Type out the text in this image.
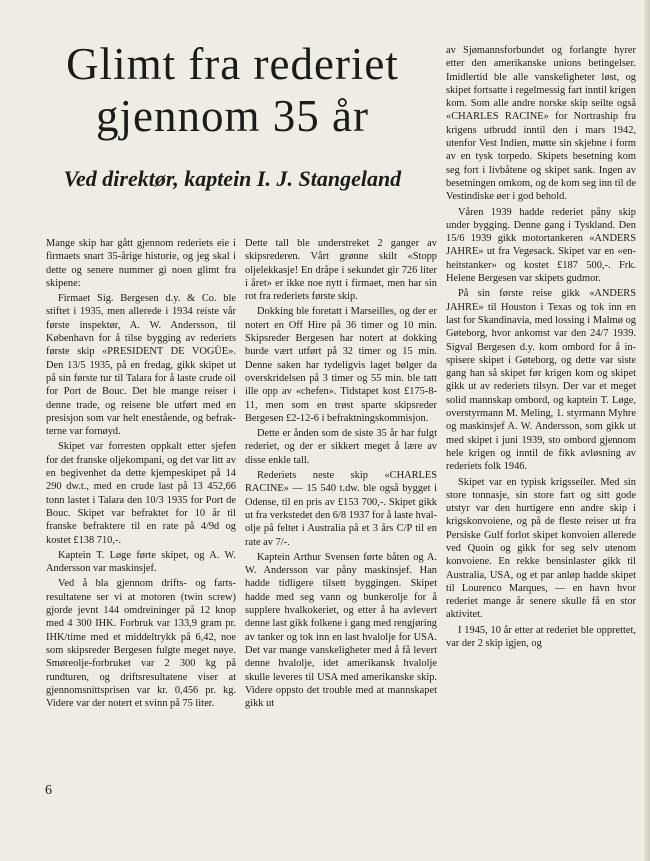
Glimt fra rederiet gjennom 35 år
Ved direktør, kaptein I. J. Stangeland

Mange skip har gått gjennom rederiets eie i firmaets snart 35-årige historie, og jeg skal i dette og senere nummer gi noen glimt fra skipene:

Firmaet Sig. Bergesen d.y. & Co. ble stiftet i 1935, men allerede i 1934 reiste vår første inspektør, A. W. Andersson, til København for å tilse bygging av rederiets første skip «PRESIDENT DE VOGÜE». Den 13/5 1935, på en fredag, gikk skipet ut på sin første tur til Talara for å laste crude oil for Port de Bouc. Det ble mange reiser i denne trade, og reisene ble utført med en presisjon som var helt enestående, og befrakterne var fornøyd.

Skipet var forresten oppkalt etter sjefen for det franske oljekompani, og det var litt av en begivenhet da dette kjempeskipet på 14 290 dw.t., med en crude last på 13 452,66 tonn lastet i Talara den 10/3 1935 for Port de Bouc. Skipet var befraktet for 10 år til franske befraktere til en rate på 4/9d og kostet £138 710,-.

Kaptein T. Løge førte skipet, og A. W. Andersson var maskinsjef.

Ved å bla gjennom drifts- og fartsresultatene ser vi at motoren (twin screw) gjorde jevnt 144 omdreininger på 12 knop med 4 300 IHK. Forbruk var 133,9 gram pr. IHK/time med et middeltrykk på 6,42, noe som skipsreder Bergesen fulgte meget nøye. Smøreolje-forbruket var 2 300 kg på rundturen, og driftsresultatene viser at gjennomsnittsprisen var kr. 0,456 pr. kg. Videre var der notert et svinn på 75 liter.

Dette tall ble understreket 2 ganger av skipsrederen. Vårt grønne skilt «Stopp oljelekkasje! En dråpe i sekundet gir 726 liter i året» er ikke noe nytt i firmaet, men har sin rot fra rederiets første skip.

Dokking ble foretatt i Marseilles, og der er notert en Off Hire på 36 timer og 10 min. Skipsreder Bergesen har notert at dokking burde vært utført på 32 timer og 15 min. Denne saken har tydeligvis laget bølger da overskridelsen på 3 timer og 55 min. ble tatt ille opp av «chefen». Tidstapet kost £175-8-11, men som en trøst sparte skipsreder Bergesen £2-12-6 i befraktningskommisjon.

Dette er ånden som de siste 35 år har fulgt rederiet, og der er sikkert meget å lære av disse enkle tall.

Rederiets neste skip «CHARLES RACINE» — 15 540 t.dw. ble også bygget i Odense, til en pris av £153 700,-. Skipet gikk ut fra verkstedet den 6/8 1937 for å laste hvalolje på feltet i Australia på et 3 års C/P til en rate av 7/-.

Kaptein Arthur Svensen førte båten og A. W. Andersson var påny maskinsjef. Han hadde tidligere tilsett byggingen. Skipet hadde med seg vann og bunkerolje for å supplere hvalkokeriet, og etter å ha avlevert denne last gikk folkene i gang med rengjøring av tanker og tok inn en last hvalolje for USA. Det var mange vanskeligheter med å få levert denne hvalolje, idet amerikansk hvalolje skulle leveres til USA med amerikanske skip. Videre oppsto det trouble med at mannskapet gikk ut

av Sjømannsforbundet og forlangte hyrer etter den amerikanske unions betingelser. Imidlertid ble alle vanskeligheter løst, og skipet fortsatte i regelmessig fart inntil krigen kom. Som alle andre norske skip seilte også «CHARLES RACINE» for Nortraship fra krigens utbrudd inntil den i mars 1942, utenfor Vest Indien, møtte sin skjebne i form av en tysk torpedo. Skipets besetning kom seg fort i livbåtene og skipet sank. Ingen av besetningen omkom, og de kom seg inn til de Vestindiske øer i god behold.

Våren 1939 hadde rederiet påny skip under bygging. Denne gang i Tyskland. Den 15/6 1939 gikk motortankeren «ANDERS JAHRE» ut fra Vegesack. Skipet var en «enheitstanker» og kostet £187 500,-. Frk. Helene Bergesen var skipets gudmor.

På sin første reise gikk «ANDERS JAHRE» til Houston i Texas og tok inn en last for Skandinavia, med lossing i Malmø og Gøteborg, hvor ankomst var den 24/7 1939. Sigval Bergesen d.y. kom ombord for å inspisere skipet i Gøteborg, og dette var siste gang han så skipet før krigen kom og skipet gikk ut av rederiets tilsyn. Der var et meget solid mannskap ombord, og kaptein T. Løge, overstyrmann M. Meling, 1. styrmann Myhre og maskinsjef A. W. Andersson, som gikk ut med skipet i juni 1939, sto ombord gjennom hele krigen og inntil de fikk avløsning av rederiets folk 1946.

Skipet var en typisk krigsseiler. Med sin store tonnasje, sin store fart og sitt gode utstyr var den hurtigere enn andre skip i krigskonvoiene, og på de fleste reiser ut fra Persiske Gulf forlot skipet konvoien allerede ved Quoin og gikk for seg selv utenom konvoiene. En rekke bensinlaster gikk til Australia, USA, og et par anløp hadde skipet til Lourenco Marques, — en havn hvor rederiet mange år senere skulle få en stor aktivitet.

I 1945, 10 år etter at rederiet ble opprettet, var der 2 skip igjen, og

6
